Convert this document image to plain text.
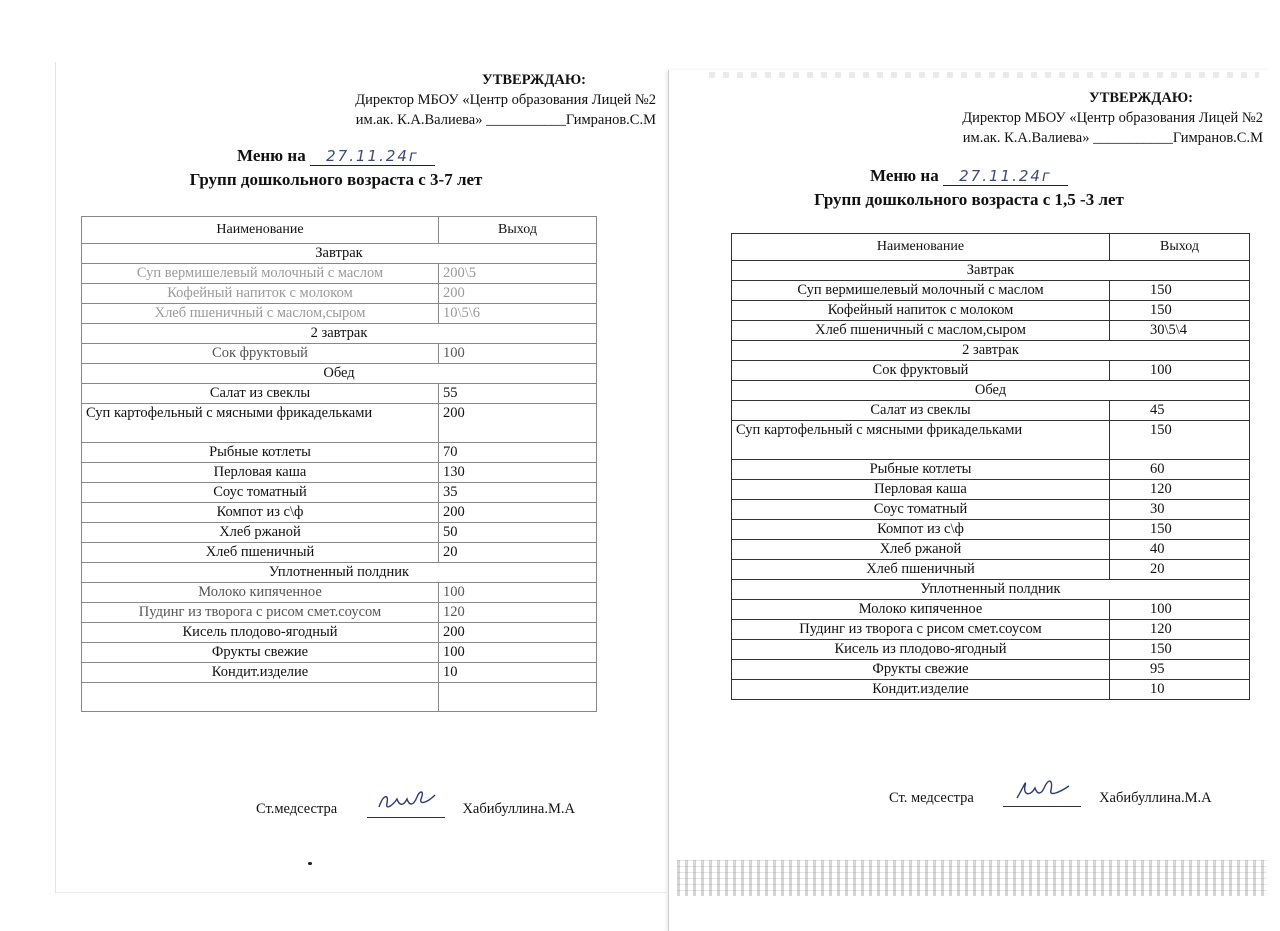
УТВЕРЖДАЮ:
Директор МБОУ «Центр образования Лицей №2
им.ак. К.А.Валиева» ___________Гимранов.С.М
Меню на 27.11.24г
Групп дошкольного возраста с 3-7 лет
Наименование	Выход
Завтрак	
Суп вермишелевый молочный с маслом	200\5
Кофейный напиток с молоком	200
Хлеб пшеничный с маслом,сыром	10\5\6
2 завтрак	
Сок фруктовый	100
Обед	
Салат из свеклы	55
Суп картофельный с мясными фрикадельками	200
Рыбные котлеты	70
Перловая каша	130
Соус томатный	35
Компот из с\ф	200
Хлеб ржаной	50
Хлеб пшеничный	20
Уплотненный полдник	
Молоко кипяченное	100
Пудинг из творога с рисом смет.соусом	120
Кисель плодово-ягодный	200
Фрукты свежие	100
Кондит.изделие	10

Ст.медсестра	Хабибуллина.М.А
УТВЕРЖДАЮ:
Директор МБОУ «Центр образования Лицей №2
им.ак. К.А.Валиева» ___________Гимранов.С.М
Меню на 27.11.24г
Групп дошкольного возраста с 1,5 -3 лет
Наименование	Выход
Завтрак	
Суп вермишелевый молочный с маслом	150
Кофейный напиток с молоком	150
Хлеб пшеничный с маслом,сыром	30\5\4
2 завтрак	
Сок фруктовый	100
Обед	
Салат из свеклы	45
Суп картофельный с мясными фрикадельками	150
Рыбные котлеты	60
Перловая каша	120
Соус томатный	30
Компот из с\ф	150
Хлеб ржаной	40
Хлеб пшеничный	20
Уплотненный полдник	
Молоко кипяченное	100
Пудинг из творога с рисом смет.соусом	120
Кисель из плодово-ягодный	150
Фрукты свежие	95
Кондит.изделие	10
Ст. медсестра	Хабибуллина.М.А
